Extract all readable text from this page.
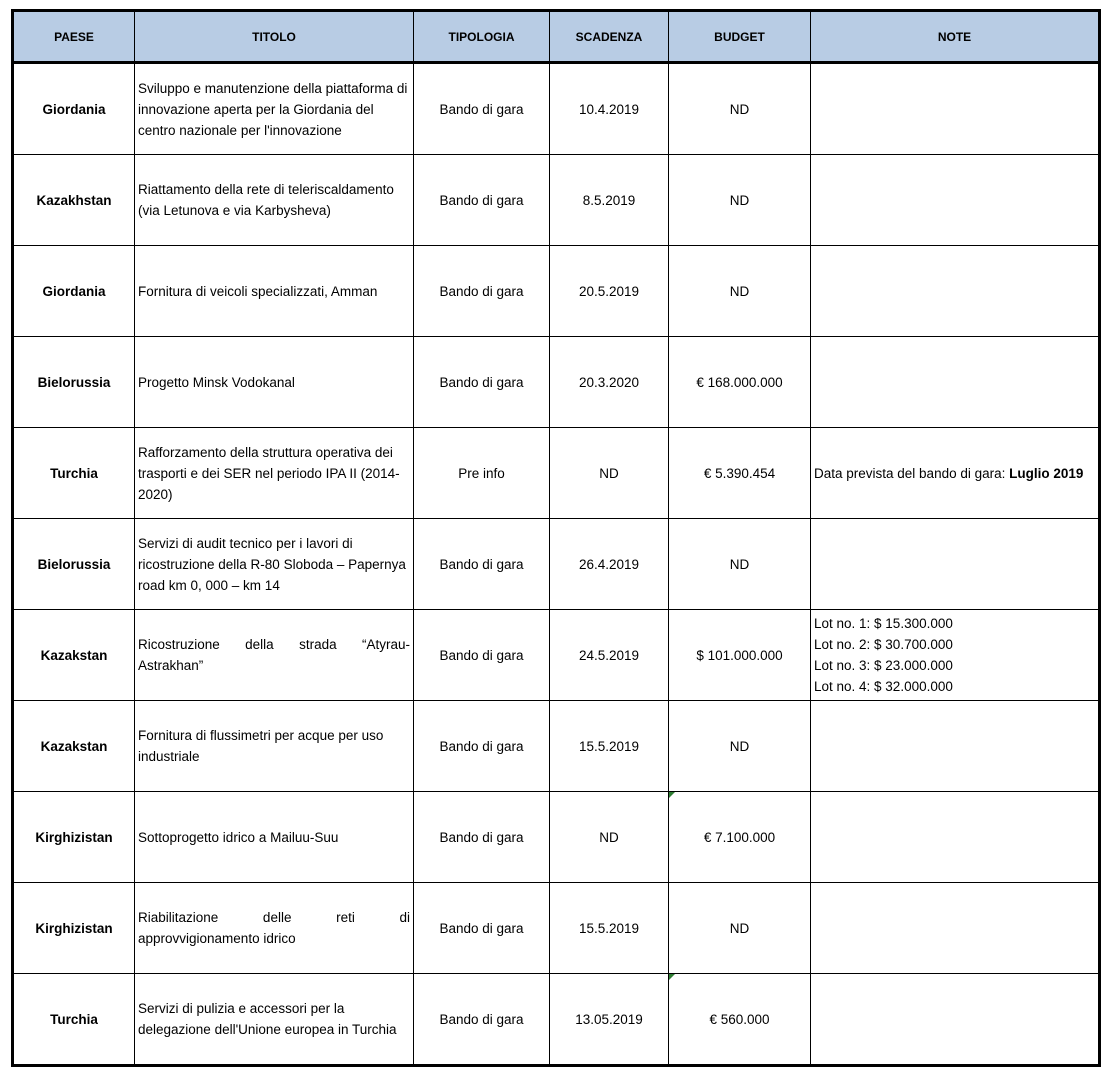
PAESE	TITOLO	TIPOLOGIA	SCADENZA	BUDGET	NOTE
Giordania	Sviluppo e manutenzione della piattaforma di innovazione aperta per la Giordania del centro nazionale per l'innovazione	Bando di gara	10.4.2019	ND	
Kazakhstan	Riattamento della rete di teleriscaldamento (via Letunova e via Karbysheva)	Bando di gara	8.5.2019	ND	
Giordania	Fornitura di veicoli specializzati, Amman	Bando di gara	20.5.2019	ND	
Bielorussia	Progetto Minsk Vodokanal	Bando di gara	20.3.2020	€ 168.000.000	
Turchia	Rafforzamento della struttura operativa dei trasporti e dei SER nel periodo IPA II (2014-2020)	Pre info	ND	€ 5.390.454	Data prevista del bando di gara: Luglio 2019
Bielorussia	Servizi di audit tecnico per i lavori di ricostruzione della R-80 Sloboda – Papernya road km 0, 000 – km 14	Bando di gara	26.4.2019	ND	
Kazakstan	Ricostruzione della strada “Atyrau-Astrakhan”	Bando di gara	24.5.2019	$ 101.000.000	Lot no. 1: $ 15.300.000
Lot no. 2: $ 30.700.000
Lot no. 3: $ 23.000.000
Lot no. 4: $ 32.000.000

Kazakstan	Fornitura di flussimetri per acque per uso industriale	Bando di gara	15.5.2019	ND	
Kirghizistan	Sottoprogetto idrico a Mailuu-Suu	Bando di gara	ND	€ 7.100.000	
Kirghizistan	Riabilitazione delle reti di approvvigionamento idrico	Bando di gara	15.5.2019	ND	
Turchia	Servizi di pulizia e accessori per la delegazione dell'Unione europea in Turchia	Bando di gara	13.05.2019	€ 560.000	
